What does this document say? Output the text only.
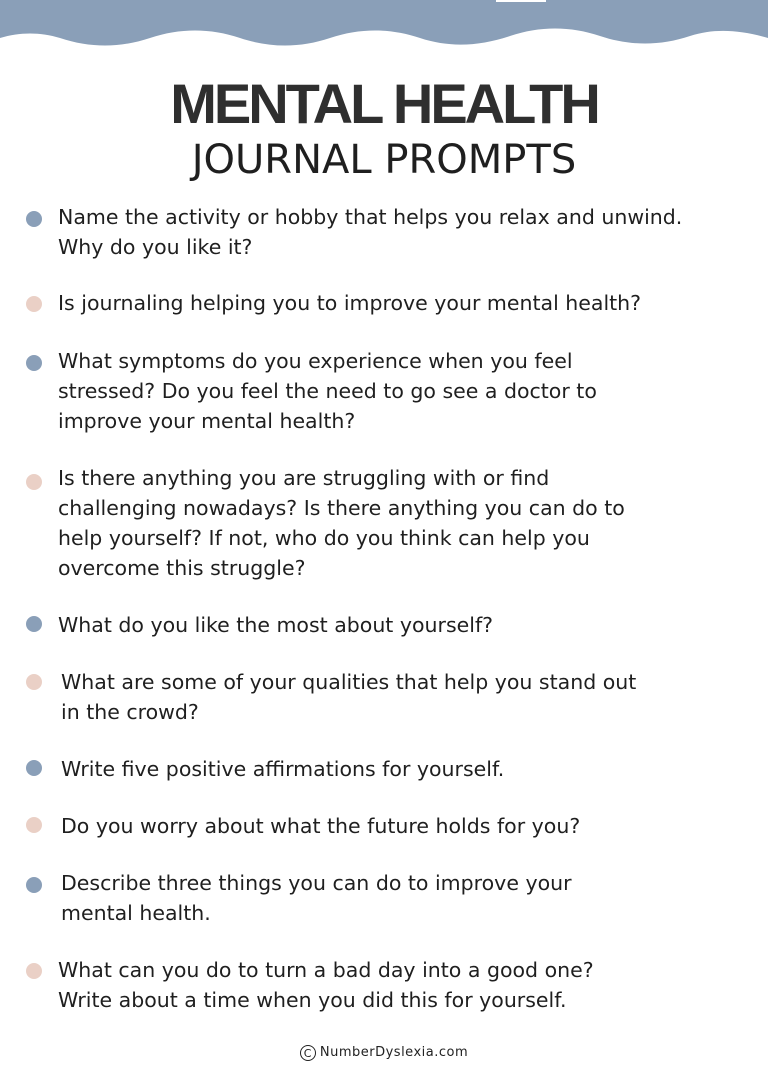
MENTAL HEALTH
JOURNAL PROMPTS
Name the activity or hobby that helps you relax and unwind.
Why do you like it?
Is journaling helping you to improve your mental health?
What symptoms do you experience when you feel
stressed? Do you feel the need to go see a doctor to
improve your mental health?
Is there anything you are struggling with or find
challenging nowadays? Is there anything you can do to
help yourself? If not, who do you think can help you
overcome this struggle?
What do you like the most about yourself?
What are some of your qualities that help you stand out
in the crowd?
Write five positive affirmations for yourself.
Do you worry about what the future holds for you?
Describe three things you can do to improve your
mental health.
What can you do to turn a bad day into a good one?
Write about a time when you did this for yourself.
C NumberDyslexia.com
